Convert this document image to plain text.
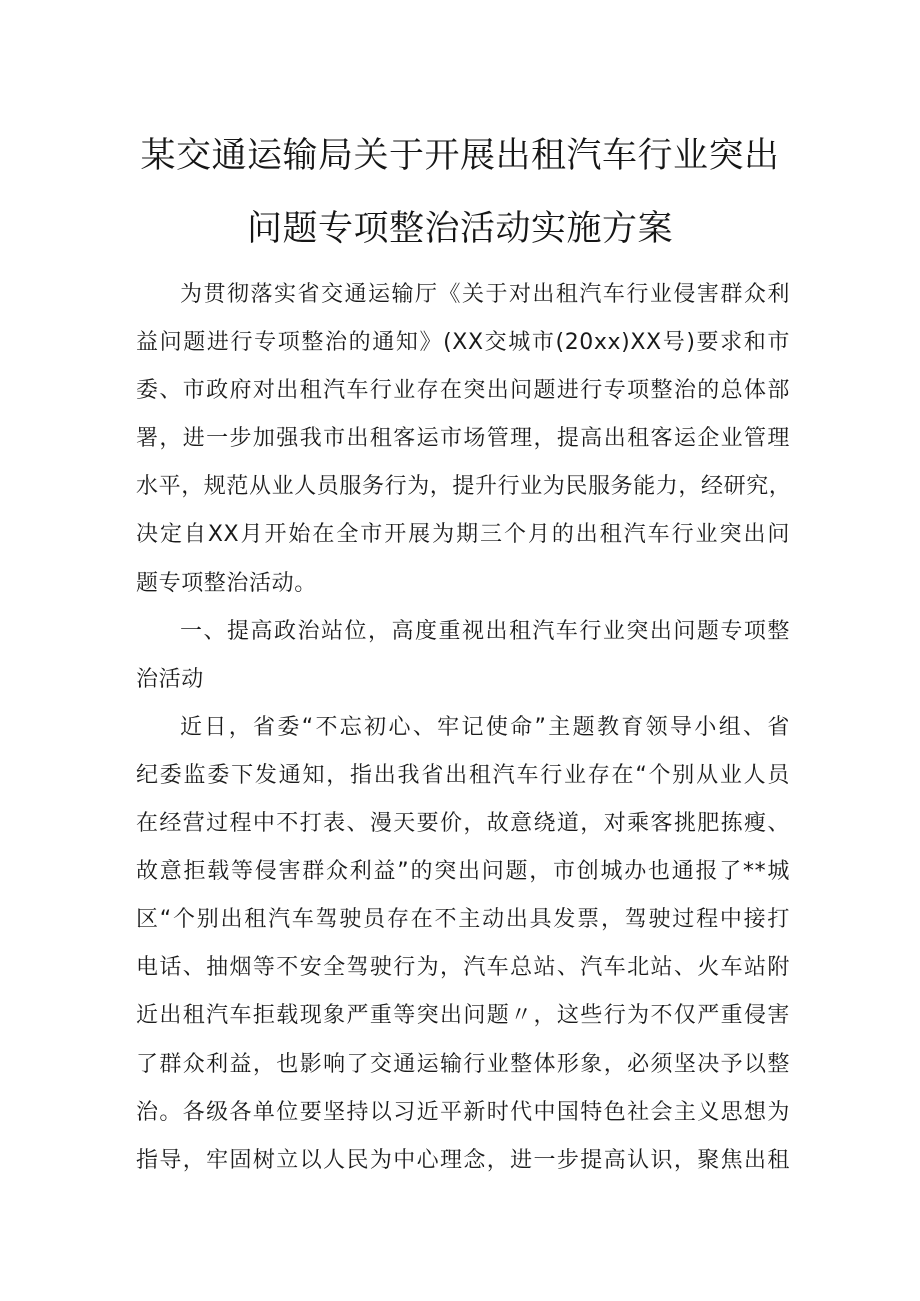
某交通运输局关于开展出租汽车行业突出
问题专项整治活动实施方案
为贯彻落实省交通运输厅《关于对出租汽车行业侵害群众利
益问题进行专项整治的通知》(XX交城市(20xx)XX号)要求和市
委、市政府对出租汽车行业存在突出问题进行专项整治的总体部
署，进一步加强我市出租客运市场管理，提高出租客运企业管理
水平，规范从业人员服务行为，提升行业为民服务能力，经研究，
决定自XX月开始在全市开展为期三个月的出租汽车行业突出问
题专项整治活动。
一、提高政治站位，高度重视出租汽车行业突出问题专项整
治活动
近日，省委“不忘初心、牢记使命”主题教育领导小组、省
纪委监委下发通知，指出我省出租汽车行业存在“个别从业人员
在经营过程中不打表、漫天要价，故意绕道，对乘客挑肥拣瘦、
故意拒载等侵害群众利益”的突出问题，市创城办也通报了**城
区“个别出租汽车驾驶员存在不主动出具发票，驾驶过程中接打
电话、抽烟等不安全驾驶行为，汽车总站、汽车北站、火车站附
近出租汽车拒载现象严重等突出问题〃，这些行为不仅严重侵害
了群众利益，也影响了交通运输行业整体形象，必须坚决予以整
治。各级各单位要坚持以习近平新时代中国特色社会主义思想为
指导，牢固树立以人民为中心理念，进一步提高认识，聚焦出租
